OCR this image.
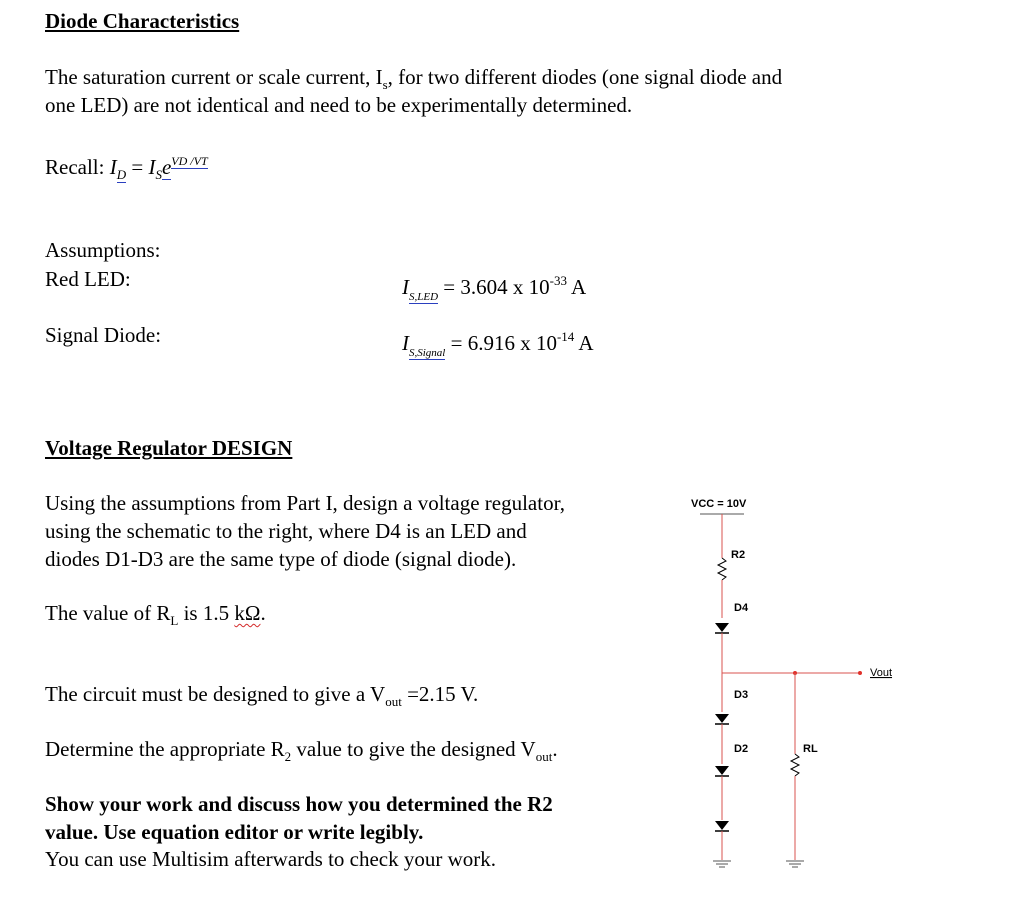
Diode Characteristics
The saturation current or scale current, $I_s$, for two different diodes (one signal diode and
one LED) are not identical and need to be experimentally determined.
Recall: $I_D = I_Se^{VD /VT}$
Assumptions:
Red LED:	$I_{S,LED} = 3.604$ x $10^{-33}$ A
Signal Diode:	$I_{S,Signal} = 6.916$ x $10^{-14}$ A
Voltage Regulator DESIGN
Using the assumptions from Part I, design a voltage regulator,
using the schematic to the right, where D4 is an LED and
diodes D1-D3 are the same type of diode (signal diode).
The value of $R_L$ is 1.5 kΩ.
The circuit must be designed to give a $V_{out} =2.15$ V.
Determine the appropriate $R_2$ value to give the designed $V_{out}$.
Show your work and discuss how you determined the R2
value. Use equation editor or write legibly.
You can use Multisim afterwards to check your work.
VCC = 10V
R2
D4
D3
D2	RL
Vout
